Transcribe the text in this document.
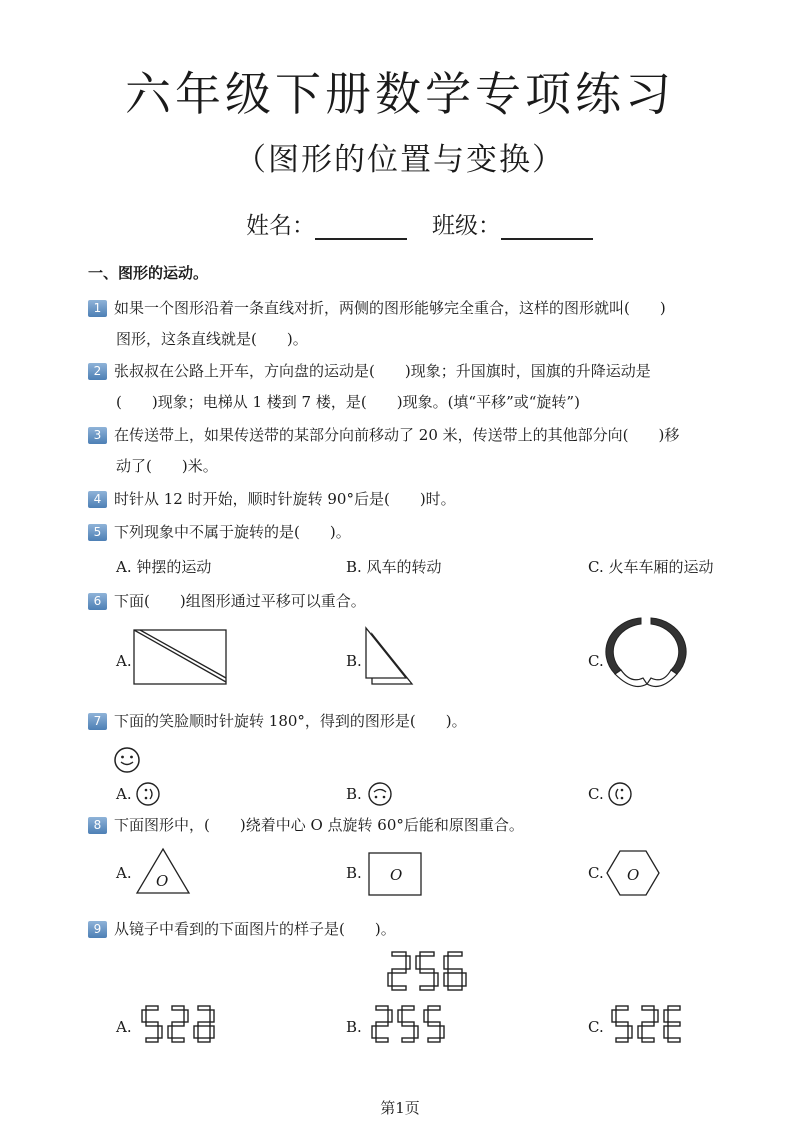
六年级下册数学专项练习
（图形的位置与变换）
姓名：	班级：
一、图形的运动。
1 如果一个图形沿着一条直线对折，两侧的图形能够完全重合，这样的图形就叫(　　)
图形，这条直线就是(　　)。
2 张叔叔在公路上开车，方向盘的运动是(　　)现象；升国旗时，国旗的升降运动是
(　　)现象；电梯从 1 楼到 7 楼，是(　　)现象。(填“平移”或“旋转”)
3 在传送带上，如果传送带的某部分向前移动了 20 米，传送带上的其他部分向(　　)移
动了(　　)米。
4 时针从 12 时开始，顺时针旋转 90°后是(　　)时。
5 下列现象中不属于旋转的是(　　)。
A. 钟摆的运动	B. 风车的转动	C. 火车车厢的运动
6 下面(　　)组图形通过平移可以重合。
A.	B.	C.
7 下面的笑脸顺时针旋转 180°，得到的图形是(　　)。
A.	B.	C.
8 下面图形中，(　　)绕着中心 O 点旋转 60°后能和原图重合。
A. O	B. O	C. O
9 从镜子中看到的下面图片的样子是(　　)。
A.	B.	C.
第1页
